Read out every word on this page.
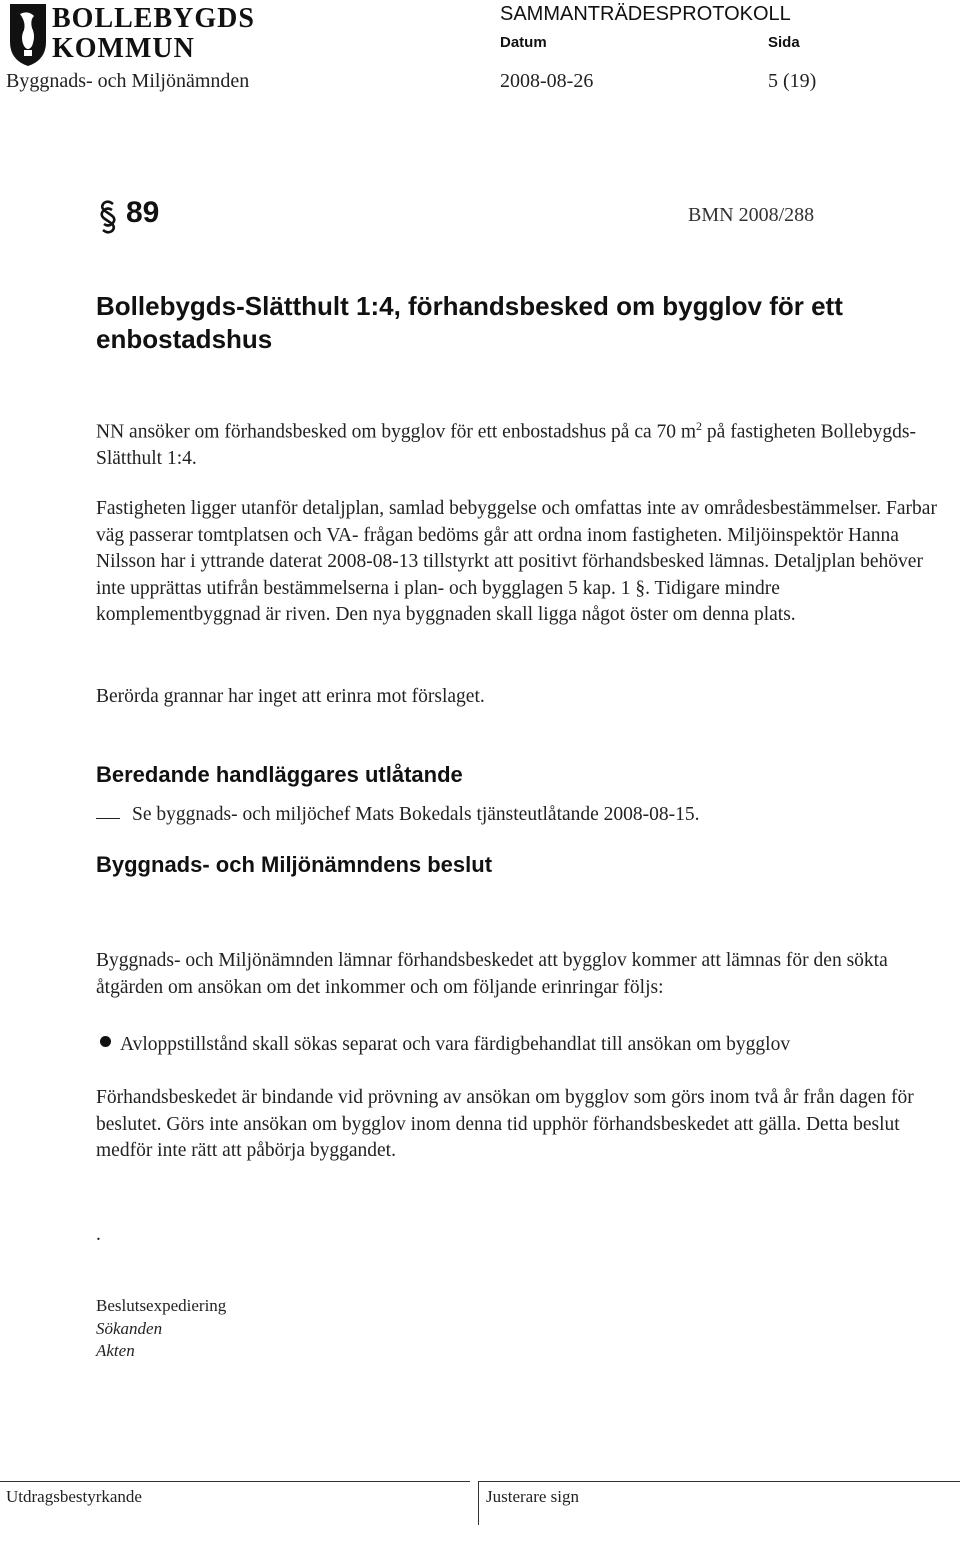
BOLLEBYGDS
KOMMUN
SAMMANTRÄDESPROTOKOLL
Datum	Sida
Byggnads- och Miljönämnden	2008-08-26	5 (19)
89	BMN 2008/288
Bollebygds-Slätthult 1:4, förhandsbesked om bygglov för ett enbostadshus

NN ansöker om förhandsbesked om bygglov för ett enbostadshus på ca 70 $m^2$ på fastigheten Bollebygds-Slätthult 1:4.

Fastigheten ligger utanför detaljplan, samlad bebyggelse och omfattas inte av områdesbestämmelser. Farbar väg passerar tomtplatsen och VA- frågan bedöms går att ordna inom fastigheten. Miljöinspektör Hanna Nilsson har i yttrande daterat 2008-08-13 tillstyrkt att positivt förhandsbesked lämnas. Detaljplan behöver inte upprättas utifrån bestämmelserna i plan- och bygglagen 5 kap. 1 §. Tidigare mindre komplementbyggnad är riven. Den nya byggnaden skall ligga något öster om denna plats.

Berörda grannar har inget att erinra mot förslaget.

Beredande handläggares utlåtande

Se byggnads- och miljöchef Mats Bokedals tjänsteutlåtande 2008-08-15.

Byggnads- och Miljönämndens beslut

Byggnads- och Miljönämnden lämnar förhandsbeskedet att bygglov kommer att lämnas för den sökta åtgärden om ansökan om det inkommer och om följande erinringar följs:

Avloppstillstånd skall sökas separat och vara färdigbehandlat till ansökan om bygglov

Förhandsbeskedet är bindande vid prövning av ansökan om bygglov som görs inom två år från dagen för beslutet. Görs inte ansökan om bygglov inom denna tid upphör förhandsbeskedet att gälla. Detta beslut medför inte rätt att påbörja byggandet.

.
Beslutsexpediering
Sökanden
Akten
Utdragsbestyrkande	Justerare sign
